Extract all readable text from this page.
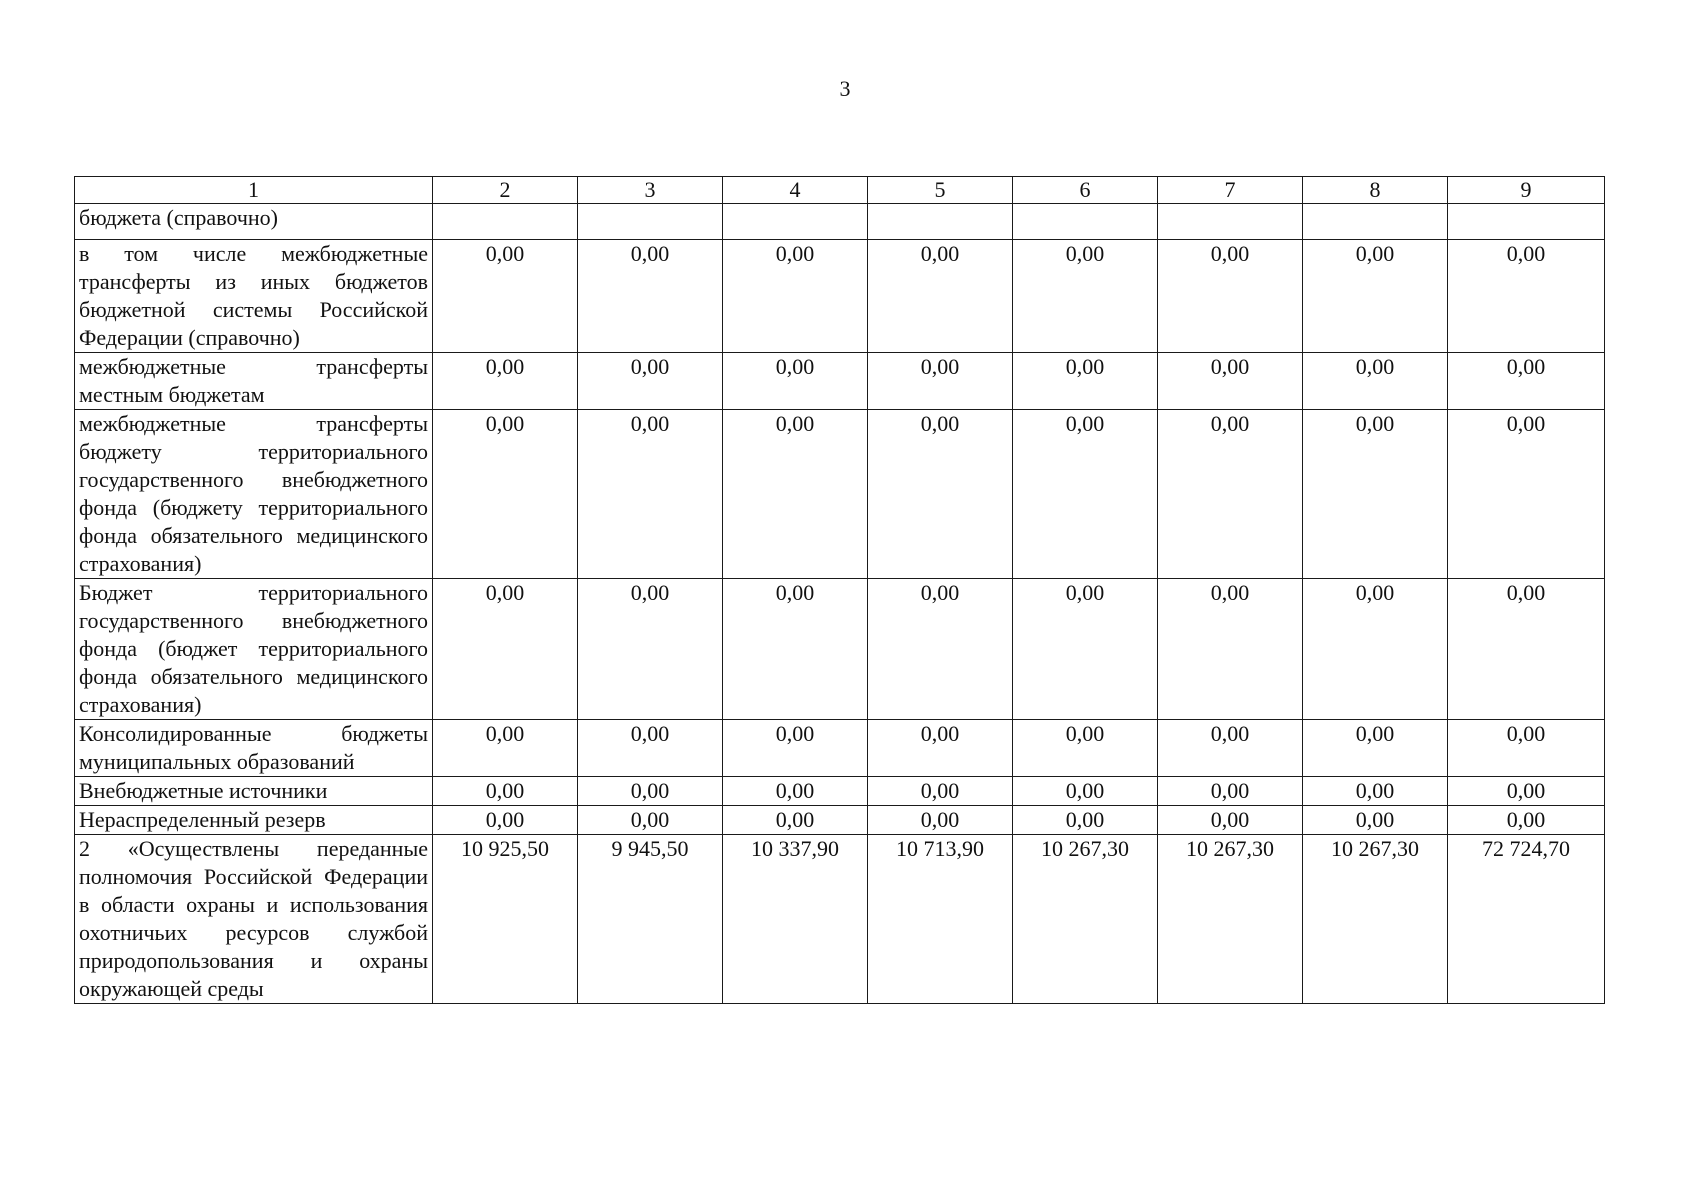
3
1	2	3	4	5	6	7	8	9
бюджета (справочно)								
в том числе межбюджетные трансферты из иных бюджетов бюджетной системы Российской Федерации (справочно)	0,00	0,00	0,00	0,00	0,00	0,00	0,00	0,00
межбюджетные трансферты местным бюджетам	0,00	0,00	0,00	0,00	0,00	0,00	0,00	0,00
межбюджетные трансферты бюджету территориального государственного внебюджетного фонда (бюджету территориального фонда обязательного медицинского страхования)	0,00	0,00	0,00	0,00	0,00	0,00	0,00	0,00
Бюджет территориального государственного внебюджетного фонда (бюджет территориального фонда обязательного медицинского страхования)	0,00	0,00	0,00	0,00	0,00	0,00	0,00	0,00
Консолидированные бюджеты муниципальных образований	0,00	0,00	0,00	0,00	0,00	0,00	0,00	0,00
Внебюджетные источники	0,00	0,00	0,00	0,00	0,00	0,00	0,00	0,00
Нераспределенный резерв	0,00	0,00	0,00	0,00	0,00	0,00	0,00	0,00
2 «Осуществлены переданные полномочия Российской Федерации в области охраны и использования охотничьих ресурсов службой природопользования и охраны окружающей среды	10 925,50	9 945,50	10 337,90	10 713,90	10 267,30	10 267,30	10 267,30	72 724,70
